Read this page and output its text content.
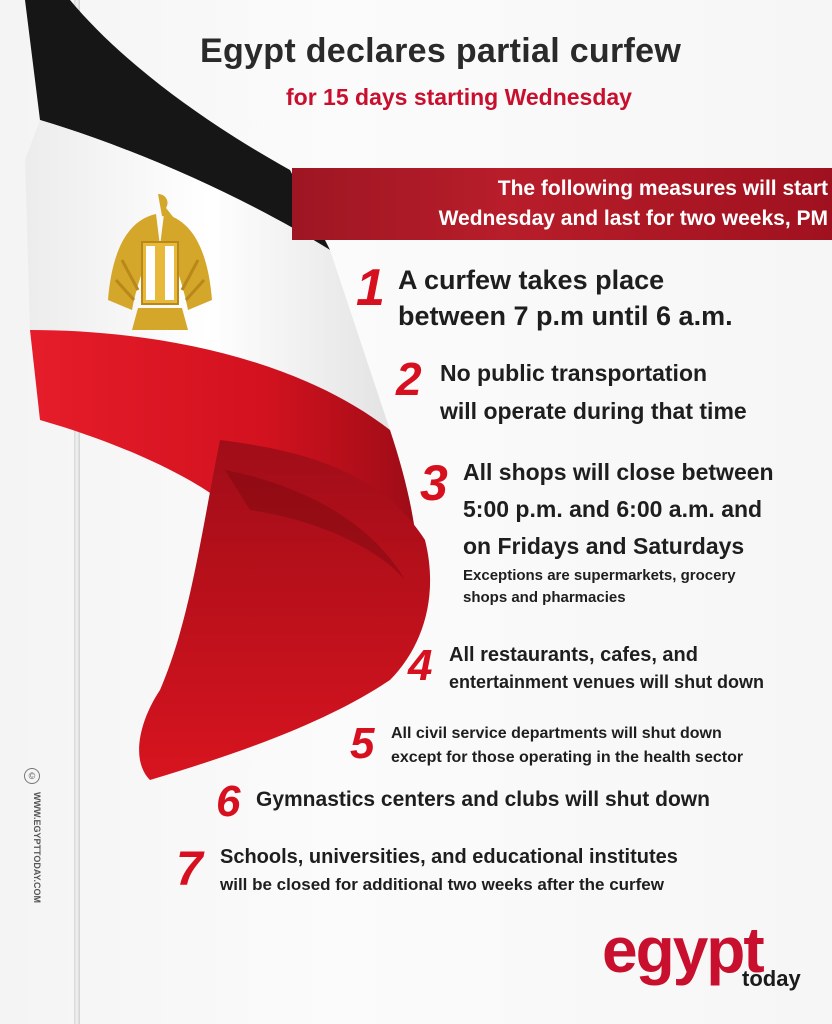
Egypt declares partial curfew
for 15 days starting Wednesday
The following measures will start
Wednesday and last for two weeks, PM
1 A curfew takes place
between 7 p.m until 6 a.m.
2 No public transportation
will operate during that time
3 All shops will close between
5:00 p.m. and 6:00 a.m. and
on Fridays and Saturdays
Exceptions are supermarkets, grocery
shops and pharmacies
4 All restaurants, cafes, and
entertainment venues will shut down
5 All civil service departments will shut down
except for those operating in the health sector
6 Gymnastics centers and clubs will shut down
7 Schools, universities, and educational institutes
will be closed for additional two weeks after the curfew
©
WWW.EGYPTTODAY.COM
egypt
today
